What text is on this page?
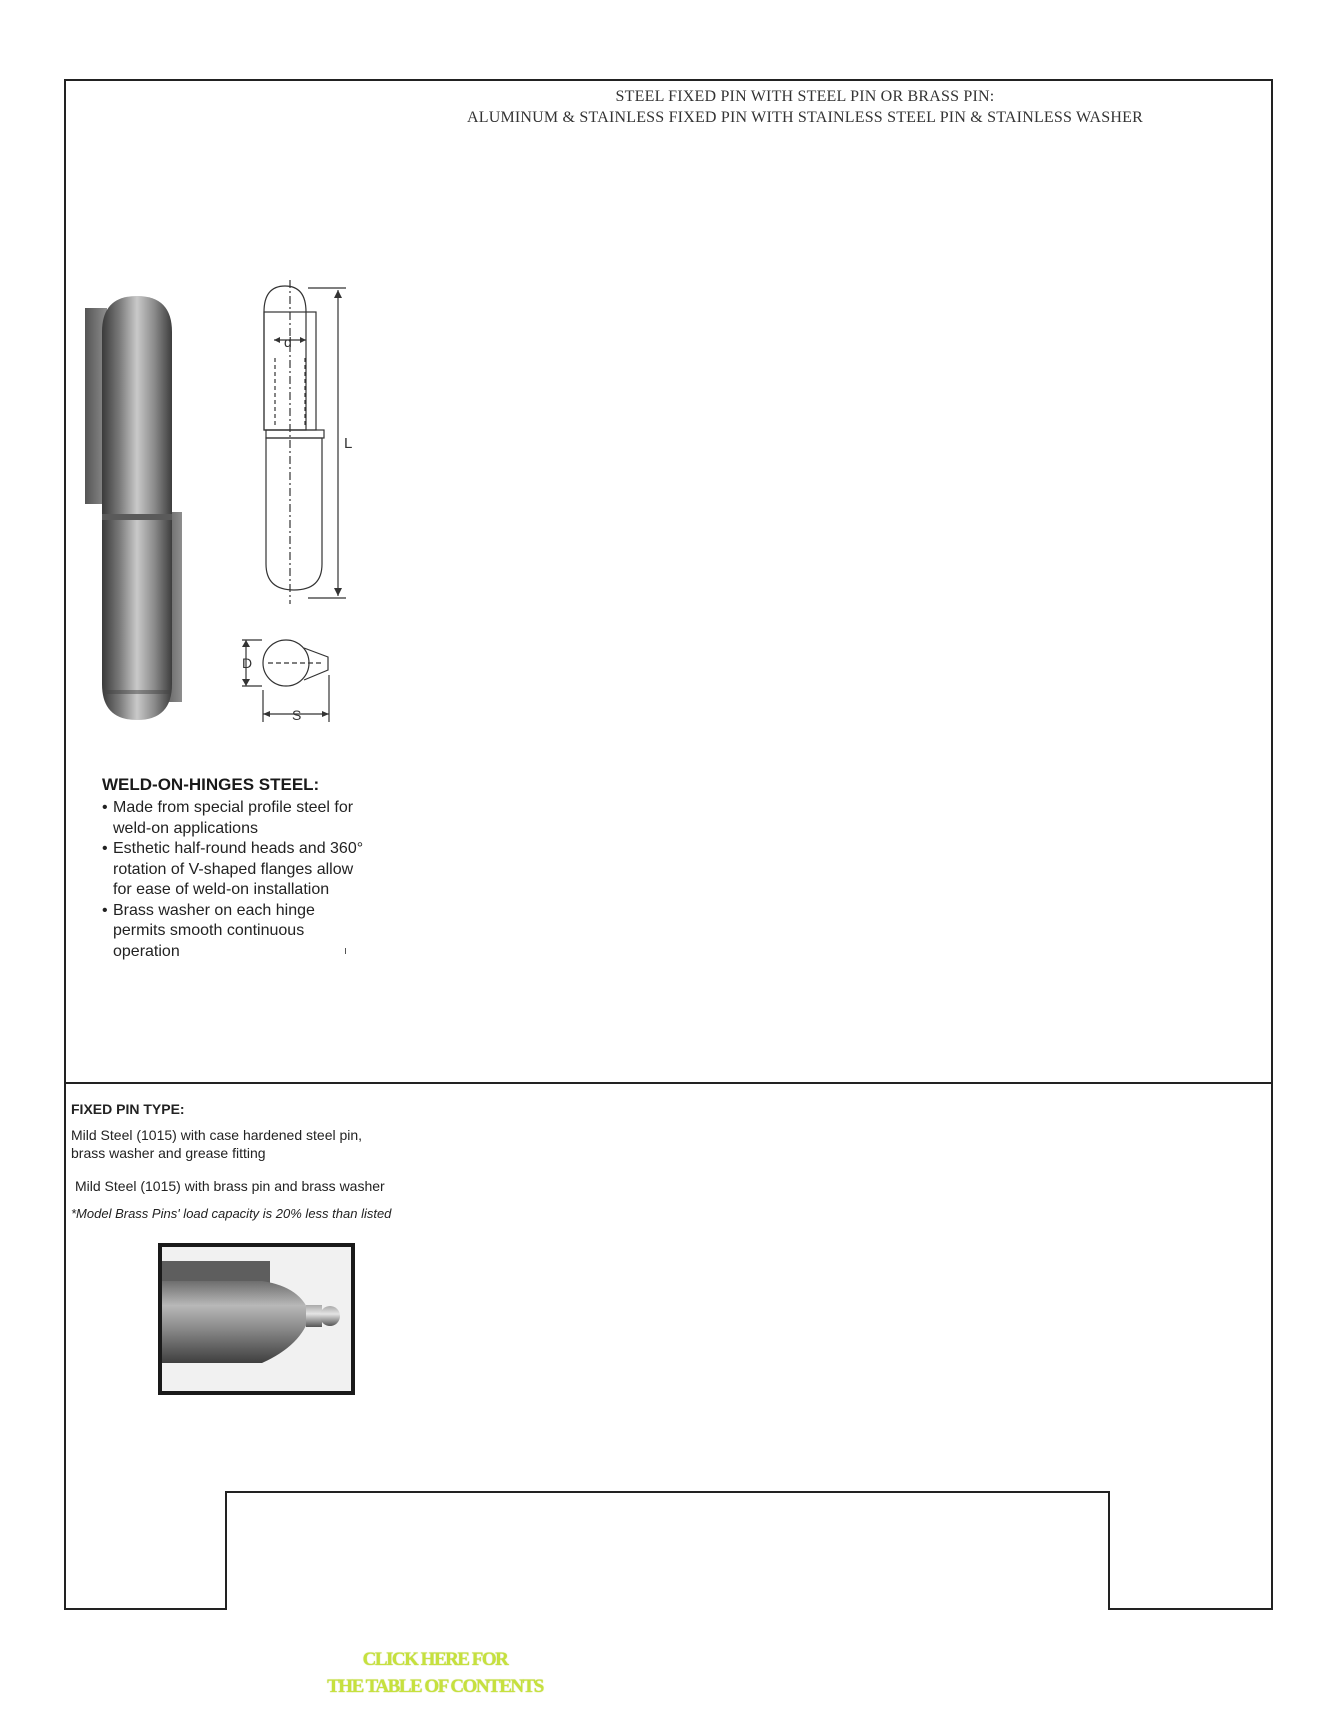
STEEL FIXED PIN WITH STEEL PIN OR BRASS PIN:
ALUMINUM & STAINLESS FIXED PIN WITH STAINLESS STEEL PIN & STAINLESS WASHER
d
L
D
S
WELD-ON-HINGES STEEL:
• Made from special profile steel for
weld-on applications
• Esthetic half-round heads and 360°
rotation of V-shaped flanges allow
for ease of weld-on installation
• Brass washer on each hinge
permits smooth continuous
operation
FIXED PIN TYPE:
Mild Steel (1015) with case hardened steel pin,
brass washer and grease fitting
Mild Steel (1015) with brass pin and brass washer
*Model Brass Pins' load capacity is 20% less than listed
CLICK HERE FOR
THE TABLE OF CONTENTS
